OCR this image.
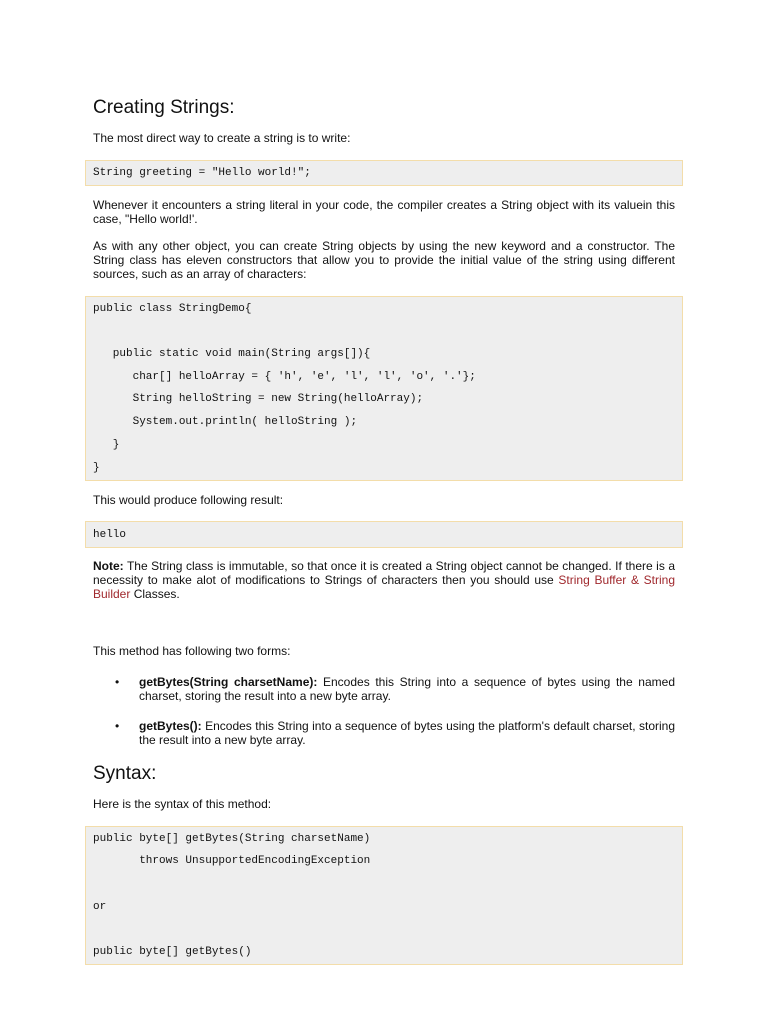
Creating Strings:

The most direct way to create a string is to write:

String greeting = "Hello world!";

Whenever it encounters a string literal in your code, the compiler creates a String object with its valuein this case, "Hello world!'.

As with any other object, you can create String objects by using the new keyword and a constructor. The String class has eleven constructors that allow you to provide the initial value of the string using different sources, such as an array of characters:

public class StringDemo{
public static void main(String args[]){
char[] helloArray = { 'h', 'e', 'l', 'l', 'o', '.'};
String helloString = new String(helloArray);
System.out.println( helloString );
}
}

This would produce following result:

hello

Note: The String class is immutable, so that once it is created a String object cannot be changed. If there is a necessity to make alot of modifications to Strings of characters then you should use String Buffer & String Builder Classes.

This method has following two forms:

• getBytes(String charsetName): Encodes this String into a sequence of bytes using the named charset, storing the result into a new byte array.

• getBytes(): Encodes this String into a sequence of bytes using the platform's default charset, storing the result into a new byte array.

Syntax:

Here is the syntax of this method:

public byte[] getBytes(String charsetName)
throws UnsupportedEncodingException
or
public byte[] getBytes()
